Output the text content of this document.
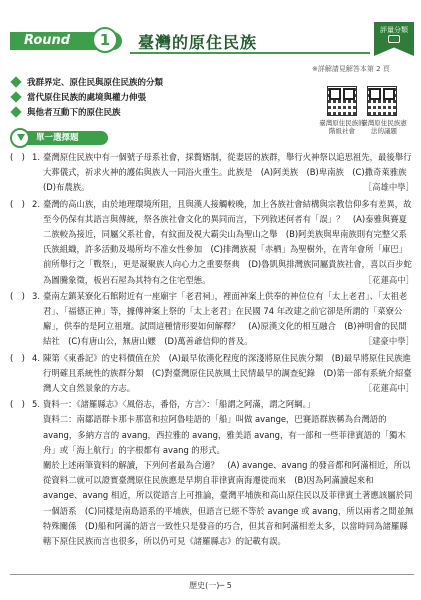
Round	1	臺灣的原住民族
評量分類
※詳解請見解答本第 2 頁
我群界定、原住民與原住民族的分類
當代原住民族的處境與權力伸張
與他者互動下的原住民族
臺灣原住民族的階級社會
臺灣原住民族憲法的議題
單一選擇題
(　) 1. 臺灣原住民族中有一個號子母系社會，採贅婿制，從妻居的族群，舉行火神祭以追思祖先，最後舉行大葬儀式，祈求火神的護佑與族人一同浴火重生。此族是　(A)阿美族　(B)卑南族　(C)撒奇萊雅族　(D)布農族。	［高雄中學］
(　) 2. 臺灣的高山族，由於地理環境所阻，且與漢人接觸較晚，加上各族社會結構與宗教信仰多有差異，故至今仍保有其語言與傳統，祭各族社會文化的異同而言，下列敘述何者有「誤」？　(A)泰雅與賽夏二族較為接近，同屬父系社會，有紋面及視大霸尖山為聖山之舉　(B)阿美族與卑南族則有完整父系氏族組織，許多活動及場所均不准女性參加　(C)排灣族視「赤栖」為聖樹外，在青年會所「庫巴」前所舉行之「戰祭」，更是凝聚族人向心力之重要祭典　(D)魯凱與排灣族同屬貴族社會，喜以百步蛇為圖騰象徵，板岩石屋為其特有之住宅型態。	［花蓮高中］
(　) 3. 臺南左鎮某寮化石館附近有一座廟宇「老君祠」，裡面神案上供奉的神位位有「太上老君」、「太祖老君」、「福德正神」等，據傳神案上祭的「太上老君」在民國 74 年改建之前它卻是所謂的「菜寮公廨」，供奉的是阿立祖壇。試問這種情形要如何解釋？　(A)原漢文化的相互融合　(B)神明會的民間結社　(C)有唐山公，無唐山嬤　(D)萬善爺信仰的普及。	［建豪中學］
(　) 4. 陳第《東番記》的史料價值在於　(A)最早依漢化程度的深淺將原住民族分類　(B)最早將原住民族進行明確且系統性的族群分類　(C)對臺灣原住民族風土民情最早的調查紀錄　(D)第一部有系統介紹臺灣人文自然景象的方志。	［花蓮高中］
(　) 5. 資料一：《諸羅縣志》〈風俗志，番俗，方言〉：「船謂之阿滿，謂之阿綱。」
資料二：南鄒語群卡那卡那富和拉阿魯哇語的「船」叫做 avange，巴賽語群族稱為台灣語的 avang，多納方言的 avang，西拉雅的 avang，雅美語 avang，有一部和一些菲律賓語的「獨木舟」或「海上航行」的字根都有 avang 的形式。
關於上述兩筆資料的解讀，下列何者最為合適？　(A) avange、avang 的發音都和阿滿相近，所以從資料二就可以證實臺灣原住民族應是早期自菲律賓南海遷徙而來　(B)因為阿滿讀起來和 avange、avang 相近，所以從語言上可推論，臺灣平埔族和高山原住民以及菲律賓土著應該屬於同一個語系　(C)同樣是南島語系的平埔族，但語言已經不等於 avange 或 avang，所以兩者之間並無特殊關係　(D)船和阿滿的語言一致性只是發音的巧合，但其音和阿滿相差太多，以當時同為諸羅縣轄下原住民族而言也很多，所以仍可見《諸羅縣志》的記載有誤。
歷史(一)─ 5
